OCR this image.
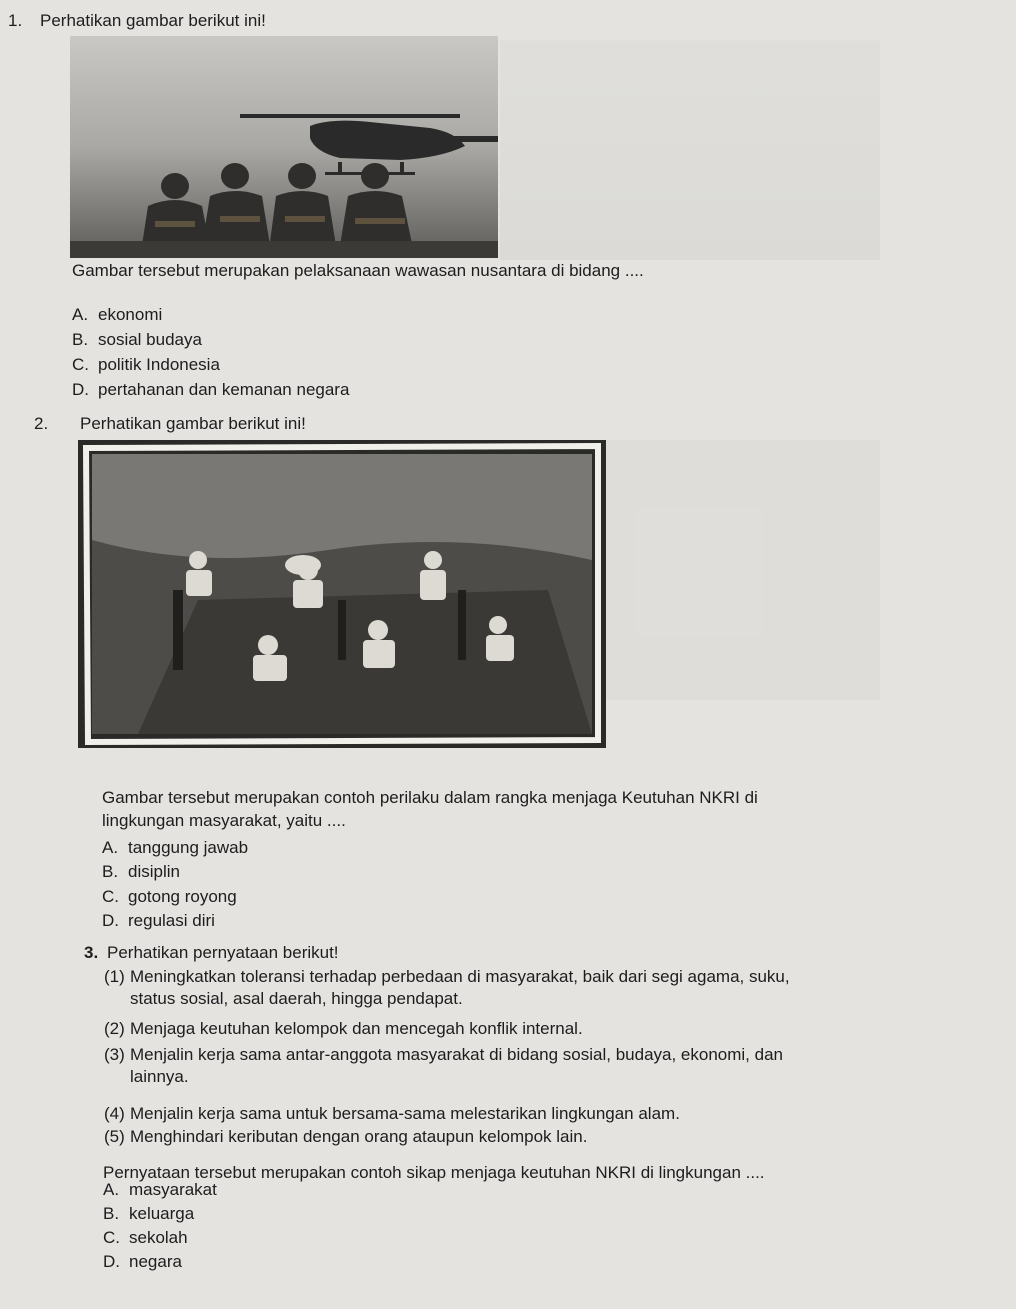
1. Perhatikan gambar berikut ini!
Gambar tersebut merupakan pelaksanaan wawasan nusantara di bidang ....
A. ekonomi
B. sosial budaya
C. politik Indonesia
D. pertahanan dan kemanan negara
2. Perhatikan gambar berikut ini!
Gambar tersebut merupakan contoh perilaku dalam rangka menjaga Keutuhan NKRI di
lingkungan masyarakat, yaitu ....
A. tanggung jawab
B. disiplin
C. gotong royong
D. regulasi diri
3. Perhatikan pernyataan berikut!
(1) Meningkatkan toleransi terhadap perbedaan di masyarakat, baik dari segi agama, suku,
status sosial, asal daerah, hingga pendapat.
(2) Menjaga keutuhan kelompok dan mencegah konflik internal.
(3) Menjalin kerja sama antar-anggota masyarakat di bidang sosial, budaya, ekonomi, dan
lainnya.
(4) Menjalin kerja sama untuk bersama-sama melestarikan lingkungan alam.
(5) Menghindari keributan dengan orang ataupun kelompok lain.
Pernyataan tersebut merupakan contoh sikap menjaga keutuhan NKRI di lingkungan ....
A. masyarakat
B. keluarga
C. sekolah
D. negara
